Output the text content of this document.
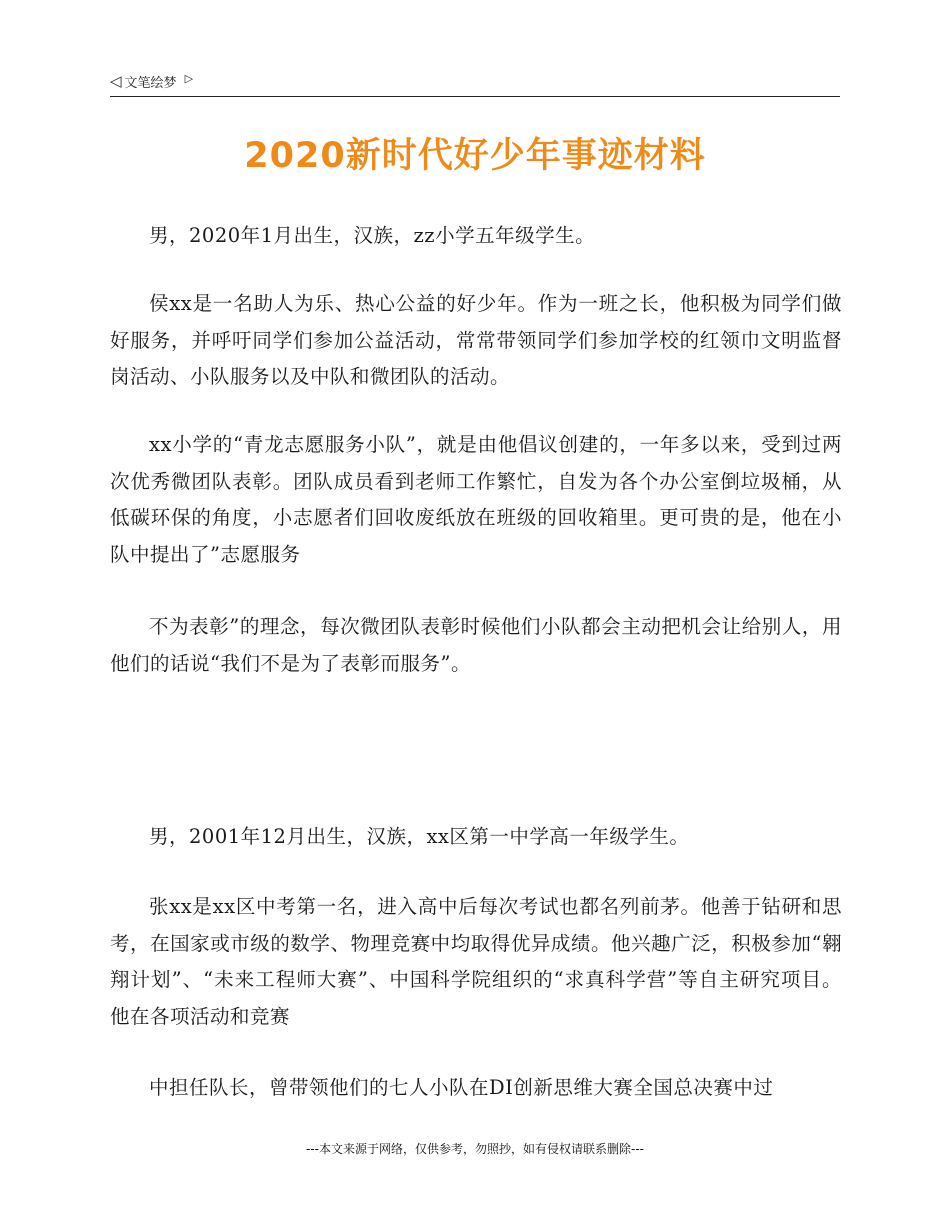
◁ 文笔绘梦 ▷
2020新时代好少年事迹材料

男，2020年1月出生，汉族，zz小学五年级学生。

侯xx是一名助人为乐、热心公益的好少年。作为一班之长，他积极为同学们做好服务，并呼吁同学们参加公益活动，常常带领同学们参加学校的红领巾文明监督岗活动、小队服务以及中队和微团队的活动。

xx小学的“青龙志愿服务小队”，就是由他倡议创建的，一年多以来，受到过两次优秀微团队表彰。团队成员看到老师工作繁忙，自发为各个办公室倒垃圾桶，从低碳环保的角度，小志愿者们回收废纸放在班级的回收箱里。更可贵的是，他在小队中提出了”志愿服务

不为表彰”的理念，每次微团队表彰时候他们小队都会主动把机会让给别人，用他们的话说“我们不是为了表彰而服务”。

男，2001年12月出生，汉族，xx区第一中学高一年级学生。

张xx是xx区中考第一名，进入高中后每次考试也都名列前茅。他善于钻研和思考，在国家或市级的数学、物理竞赛中均取得优异成绩。他兴趣广泛，积极参加“翱翔计划”、“未来工程师大赛”、中国科学院组织的“求真科学营”等自主研究项目。他在各项活动和竞赛

中担任队长，曾带领他们的七人小队在DI创新思维大赛全国总决赛中过

---本文来源于网络，仅供参考，勿照抄，如有侵权请联系删除---
